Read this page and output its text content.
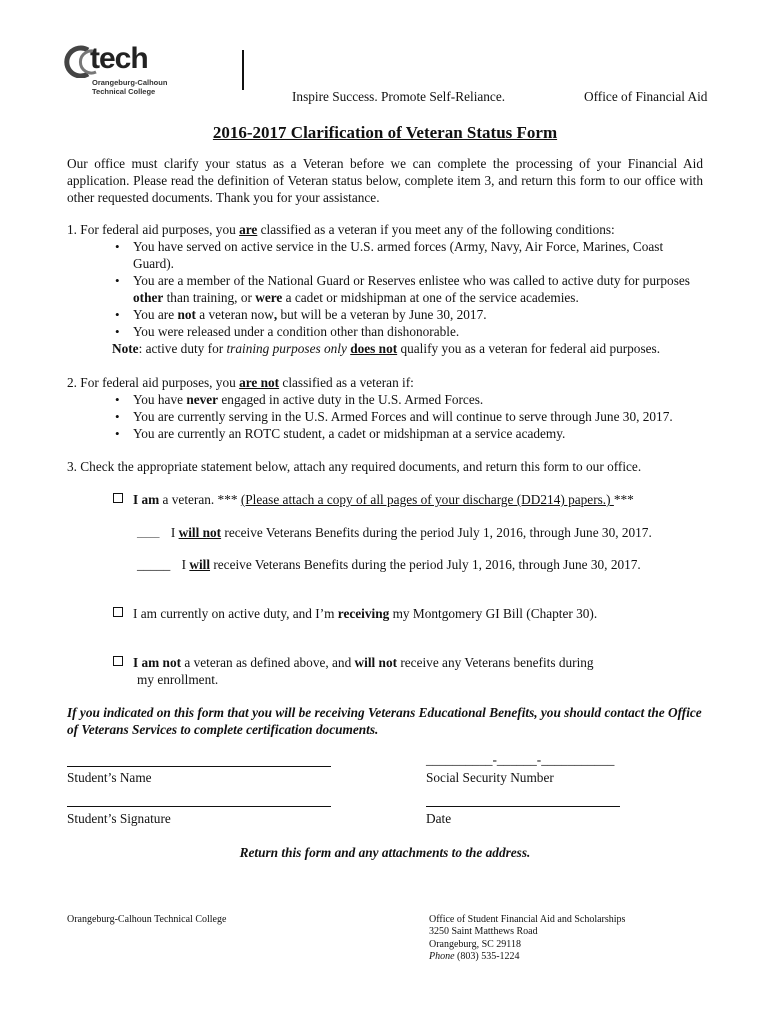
tech
Orangeburg-Calhoun
Technical College	Inspire Success. Promote Self-Reliance.	Office of Financial Aid
2016-2017 Clarification of Veteran Status Form

Our office must clarify your status as a Veteran before we can complete the processing of your Financial Aid application. Please read the definition of Veteran status below, complete item 3, and return this form to our office with other requested documents. Thank you for your assistance.

1. For federal aid purposes, you are classified as a veteran if you meet any of the following conditions:

• You have served on active service in the U.S. armed forces (Army, Navy, Air Force, Marines, Coast Guard).
• You are a member of the National Guard or Reserves enlistee who was called to active duty for purposes other than training, or were a cadet or midshipman at one of the service academies.
• You are not a veteran now, but will be a veteran by June 30, 2017.
• You were released under a condition other than dishonorable.

Note: active duty for training purposes only does not qualify you as a veteran for federal aid purposes.

2. For federal aid purposes, you are not classified as a veteran if:

• You have never engaged in active duty in the U.S. Armed Forces.
• You are currently serving in the U.S. Armed Forces and will continue to serve through June 30, 2017.
• You are currently an ROTC student, a cadet or midshipman at a service academy.

3. Check the appropriate statement below, attach any required documents, and return this form to our office.

I am a veteran. *** (Please attach a copy of all pages of your discharge (DD214) papers.) ***
_____ I will not receive Veterans Benefits during the period July 1, 2016, through June 30, 2017.
_____ I will receive Veterans Benefits during the period July 1, 2016, through June 30, 2017.
I am currently on active duty, and I’m receiving my Montgomery GI Bill (Chapter 30).
I am not a veteran as defined above, and will not receive any Veterans benefits during
my enrollment.

If you indicated on this form that you will be receiving Veterans Educational Benefits, you should contact the Office of Veterans Services to complete certification documents.

Student’s Name
__________-______-___________
Social Security Number
Student’s Signature	Date
Return this form and any attachments to the address.
Orangeburg-Calhoun Technical College	Office of Student Financial Aid and Scholarships
3250 Saint Matthews Road
Orangeburg, SC 29118
Phone (803) 535-1224
